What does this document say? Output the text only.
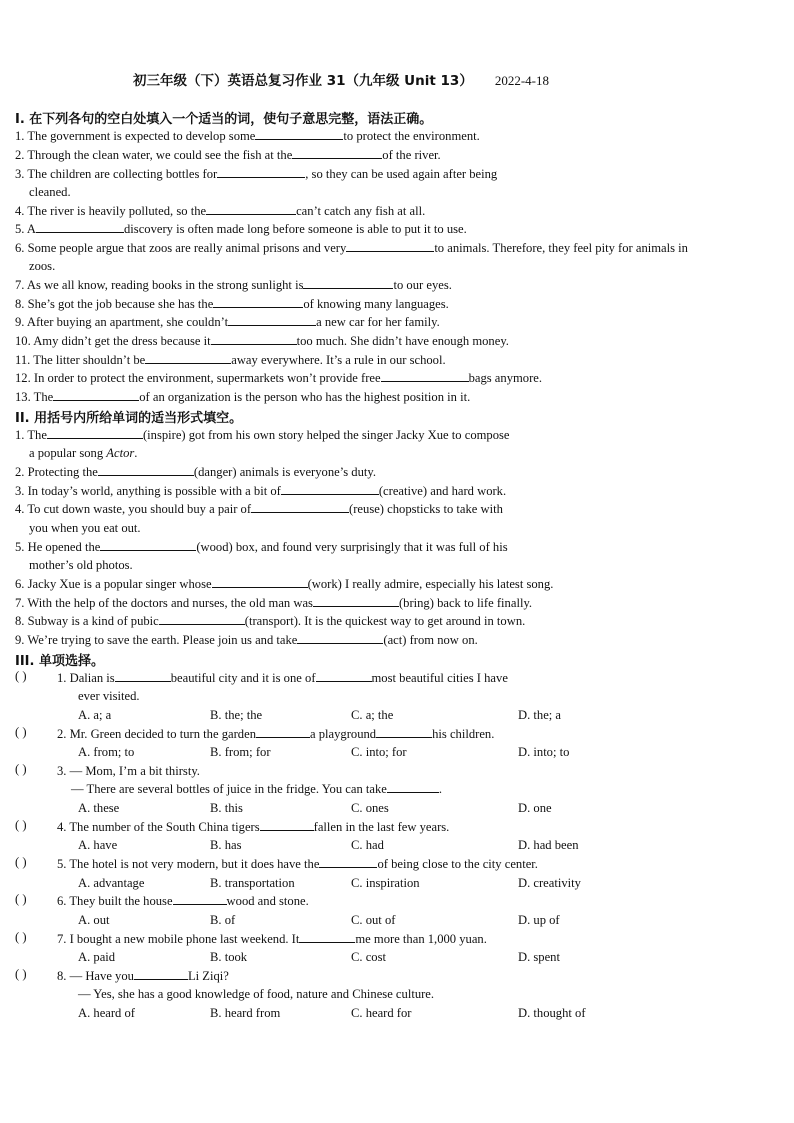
初三年级（下）英语总复习作业 31（九年级 Unit 13） 2022-4-18
I. 在下列各句的空白处填入一个适当的词，使句子意思完整，语法正确。
1. The government is expected to develop some	to protect the environment.
2. Through the clean water, we could see the fish at the	of the river.
3. The children are collecting bottles for	, so they can be used again after being
cleaned.
4. The river is heavily polluted, so the	can’t catch any fish at all.
5. A	discovery is often made long before someone is able to put it to use.
6. Some people argue that zoos are really animal prisons and very	to animals. Therefore, they feel pity for animals in
zoos.
7. As we all know, reading books in the strong sunlight is	to our eyes.
8. She’s got the job because she has the	of knowing many languages.
9. After buying an apartment, she couldn’t	a new car for her family.
10. Amy didn’t get the dress because it	too much. She didn’t have enough money.
11. The litter shouldn’t be	away everywhere. It’s a rule in our school.
12. In order to protect the environment, supermarkets won’t provide free	bags anymore.
13. The	of an organization is the person who has the highest position in it.
II. 用括号内所给单词的适当形式填空。
1. The	(inspire) got from his own story helped the singer Jacky Xue to compose
a popular song Actor.
2. Protecting the	(danger) animals is everyone’s duty.
3. In today’s world, anything is possible with a bit of	(creative) and hard work.
4. To cut down waste, you should buy a pair of	(reuse) chopsticks to take with
you when you eat out.
5. He opened the	(wood) box, and found very surprisingly that it was full of his
mother’s old photos.
6. Jacky Xue is a popular singer whose	(work) I really admire, especially his latest song.
7. With the help of the doctors and nurses, the old man was	(bring) back to life finally.
8. Subway is a kind of pubic	(transport). It is the quickest way to get around in town.
9. We’re trying to save the earth. Please join us and take	(act) from now on.
III. 单项选择。
( ) 1. Dalian is	beautiful city and it is one of	most beautiful cities I have
ever visited.
A. a; a	B. the; the	C. a; the	D. the; a
( ) 2. Mr. Green decided to turn the garden	a playground	his children.
A. from; to	B. from; for	C. into; for	D. into; to
( ) 3. — Mom, I’m a bit thirsty.
— There are several bottles of juice in the fridge. You can take	.
A. these	B. this	C. ones	D. one
( ) 4. The number of the South China tigers	fallen in the last few years.
A. have	B. has	C. had	D. had been
( ) 5. The hotel is not very modern, but it does have the	of being close to the city center.
A. advantage	B. transportation	C. inspiration	D. creativity
( ) 6. They built the house	wood and stone.
A. out	B. of	C. out of	D. up of
( ) 7. I bought a new mobile phone last weekend. It	me more than 1,000 yuan.
A. paid	B. took	C. cost	D. spent
( ) 8. — Have you	Li Ziqi?
— Yes, she has a good knowledge of food, nature and Chinese culture.
A. heard of	B. heard from	C. heard for	D. thought of
